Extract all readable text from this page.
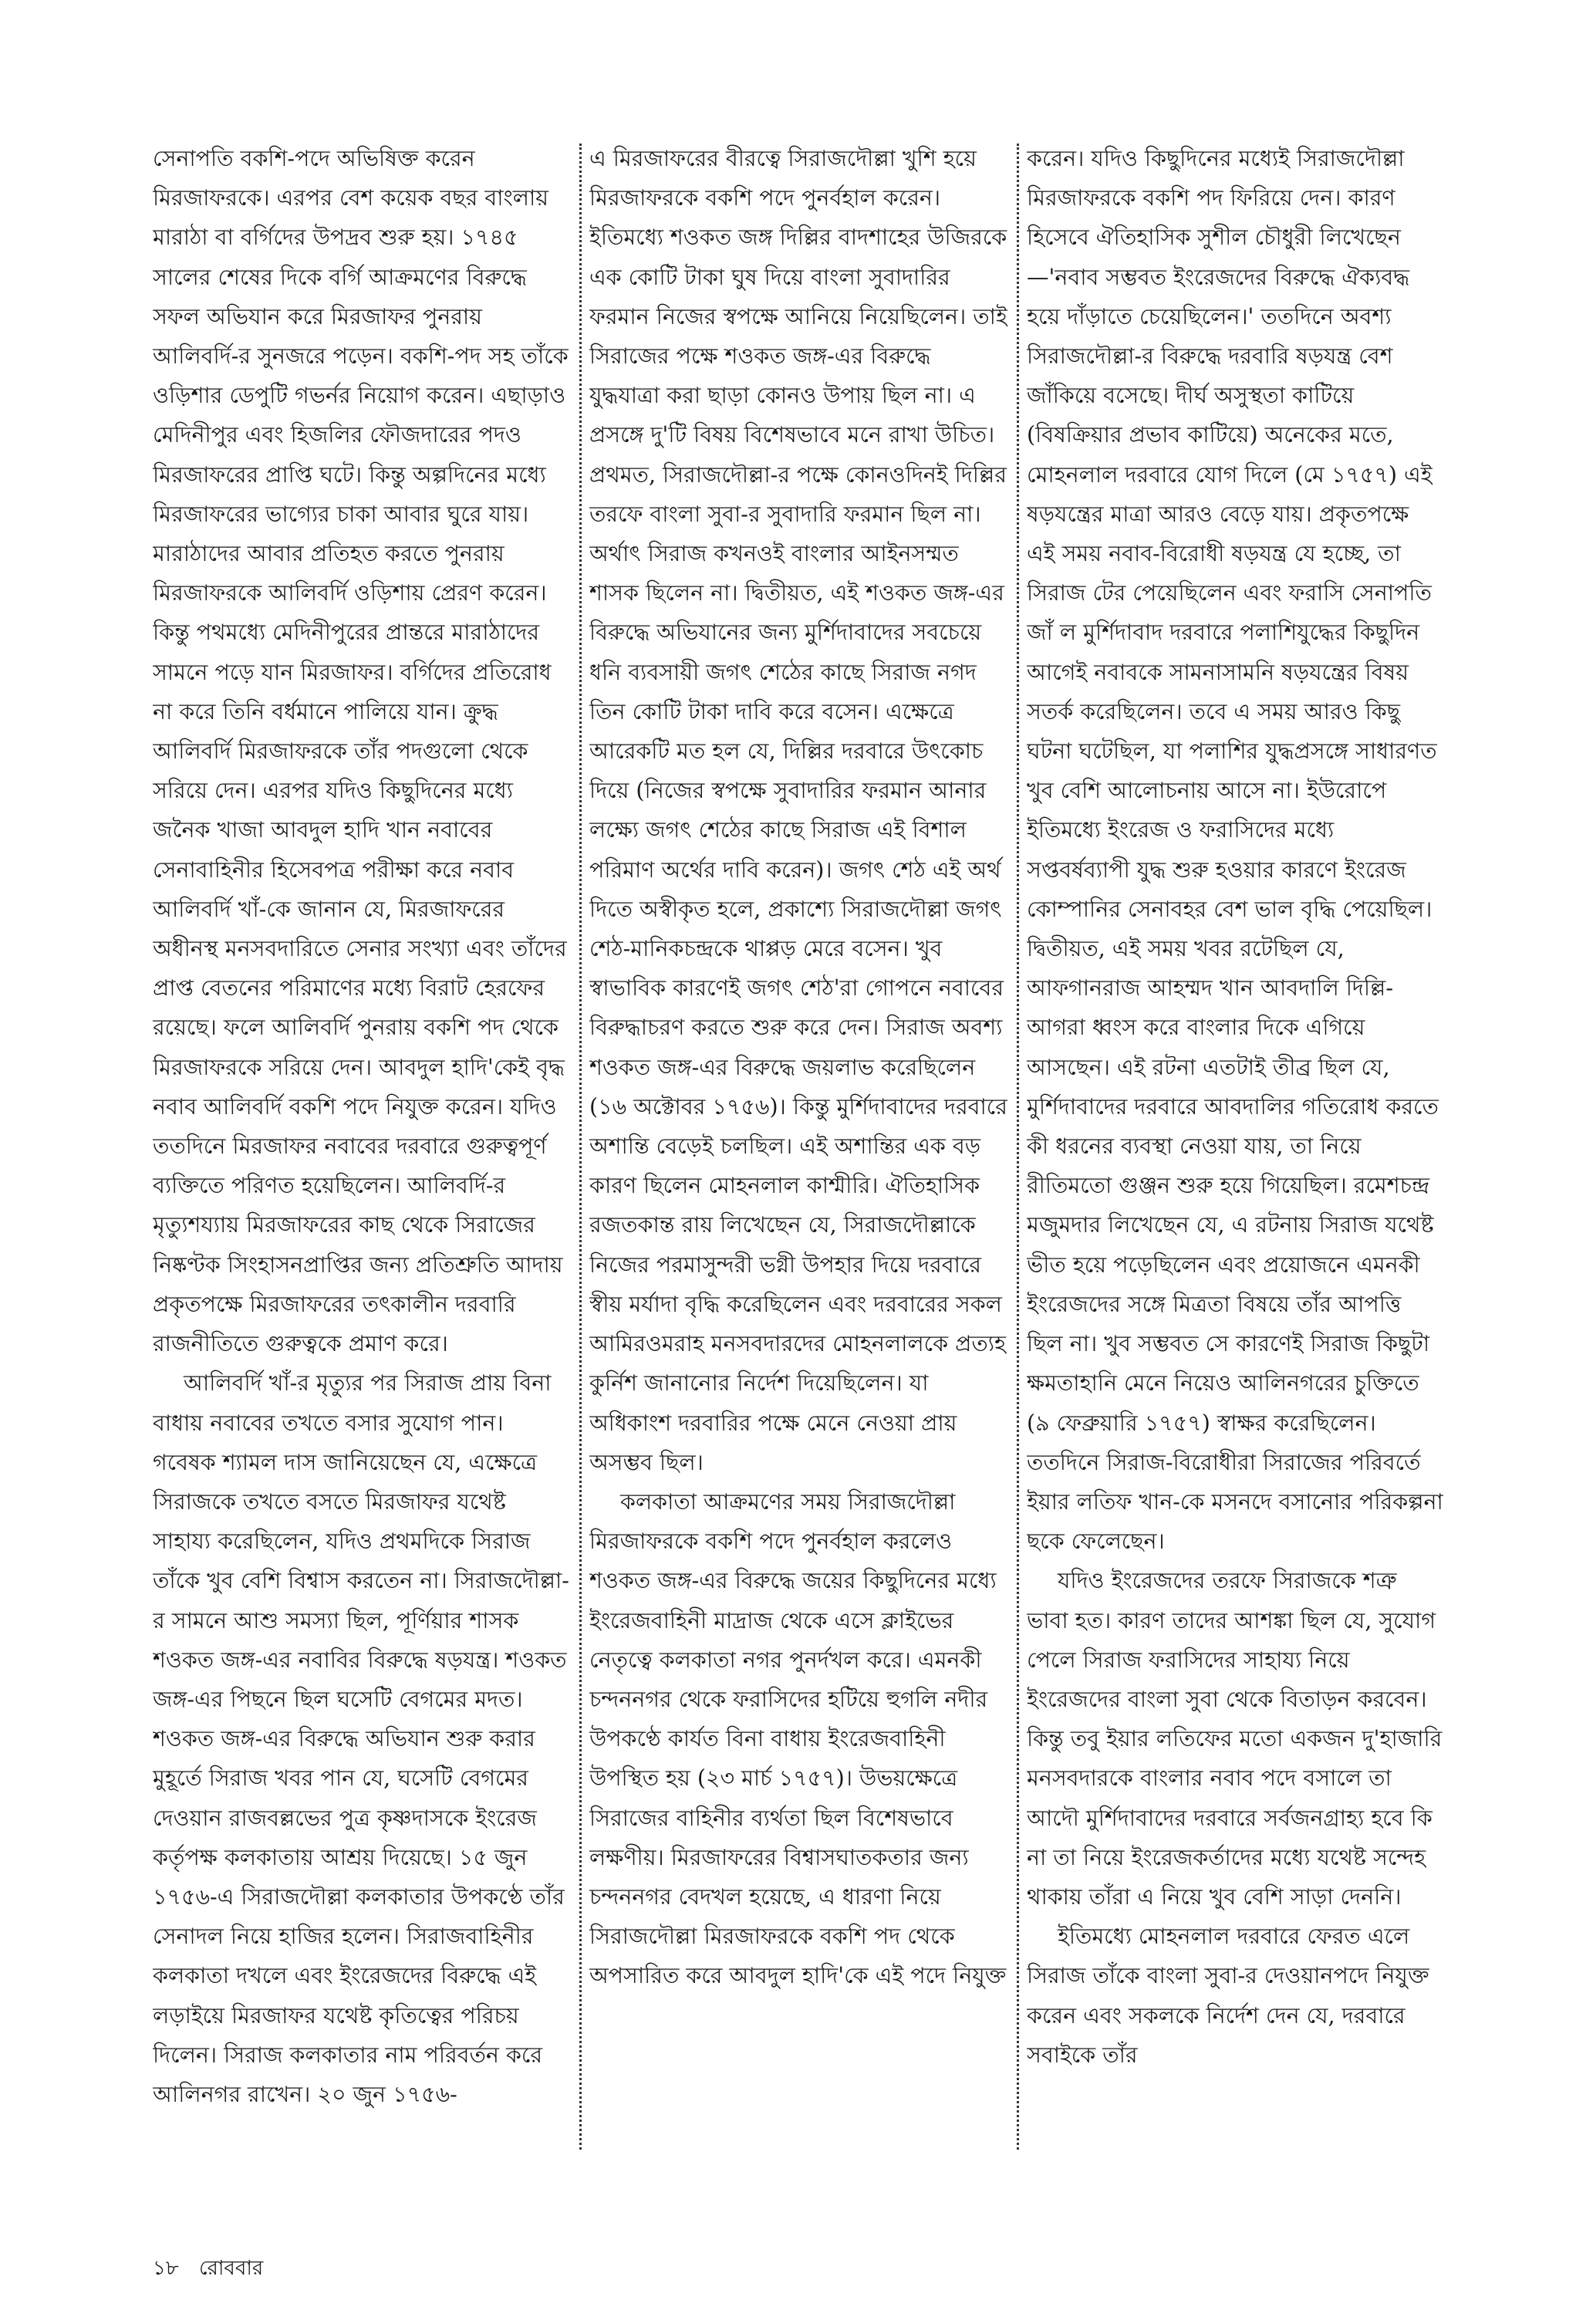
সেনাপতি বকশি-পদে অভিষিক্ত করেন মিরজাফরকে। এরপর বেশ কয়েক বছর বাংলায় মারাঠা বা বর্গিদের উপদ্রব শুরু হয়। ১৭৪৫ সালের শেষের দিকে বর্গি আক্রমণের বিরুদ্ধে সফল অভিযান করে মিরজাফর পুনরায় আলিবর্দি-র সুনজরে পড়েন। বকশি-পদ সহ তাঁকে ওড়িশার ডেপুটি গভর্নর নিয়োগ করেন। এছাড়াও মেদিনীপুর এবং হিজলির ফৌজদারের পদও মিরজাফরের প্রাপ্তি ঘটে। কিন্তু অল্পদিনের মধ্যে মিরজাফরের ভাগ্যের চাকা আবার ঘুরে যায়। মারাঠাদের আবার প্রতিহত করতে পুনরায় মিরজাফরকে আলিবর্দি ওড়িশায় প্রেরণ করেন। কিন্তু পথমধ্যে মেদিনীপুরের প্রান্তরে মারাঠাদের সামনে পড়ে যান মিরজাফর। বর্গিদের প্রতিরোধ না করে তিনি বর্ধমানে পালিয়ে যান। ক্রুদ্ধ আলিবর্দি মিরজাফরকে তাঁর পদগুলো থেকে সরিয়ে দেন। এরপর যদিও কিছুদিনের মধ্যে জনৈক খাজা আবদুল হাদি খান নবাবের সেনাবাহিনীর হিসেবপত্র পরীক্ষা করে নবাব আলিবর্দি খাঁ-কে জানান যে, মিরজাফরের অধীনস্থ মনসবদারিতে সেনার সংখ্যা এবং তাঁদের প্রাপ্ত বেতনের পরিমাণের মধ্যে বিরাট হেরফের রয়েছে। ফলে আলিবর্দি পুনরায় বকশি পদ থেকে মিরজাফরকে সরিয়ে দেন। আবদুল হাদি'কেই বৃদ্ধ নবাব আলিবর্দি বকশি পদে নিযুক্ত করেন। যদিও ততদিনে মিরজাফর নবাবের দরবারে গুরুত্বপূর্ণ ব্যক্তিতে পরিণত হয়েছিলেন। আলিবর্দি-র মৃত্যুশয্যায় মিরজাফরের কাছ থেকে সিরাজের নিষ্কণ্টক সিংহাসনপ্রাপ্তির জন্য প্রতিশ্রুতি আদায় প্রকৃতপক্ষে মিরজাফরের তৎকালীন দরবারি রাজনীতিতে গুরুত্বকে প্রমাণ করে।

আলিবর্দি খাঁ-র মৃত্যুর পর সিরাজ প্রায় বিনা বাধায় নবাবের তখতে বসার সুযোগ পান। গবেষক শ্যামল দাস জানিয়েছেন যে, এক্ষেত্রে সিরাজকে তখতে বসতে মিরজাফর যথেষ্ট সাহায্য করেছিলেন, যদিও প্রথমদিকে সিরাজ তাঁকে খুব বেশি বিশ্বাস করতেন না। সিরাজদৌল্লা-র সামনে আশু সমস্যা ছিল, পূর্ণিয়ার শাসক শওকত জঙ্গ-এর নবাবির বিরুদ্ধে ষড়যন্ত্র। শওকত জঙ্গ-এর পিছনে ছিল ঘসেটি বেগমের মদত। শওকত জঙ্গ-এর বিরুদ্ধে অভিযান শুরু করার মুহূর্তে সিরাজ খবর পান যে, ঘসেটি বেগমের দেওয়ান রাজবল্লভের পুত্র কৃষ্ণদাসকে ইংরেজ কর্তৃপক্ষ কলকাতায় আশ্রয় দিয়েছে। ১৫ জুন ১৭৫৬-এ সিরাজদৌল্লা কলকাতার উপকণ্ঠে তাঁর সেনাদল নিয়ে হাজির হলেন। সিরাজবাহিনীর কলকাতা দখলে এবং ইংরেজদের বিরুদ্ধে এই লড়াইয়ে মিরজাফর যথেষ্ট কৃতিত্বের পরিচয় দিলেন। সিরাজ কলকাতার নাম পরিবর্তন করে আলিনগর রাখেন। ২০ জুন ১৭৫৬-

এ মিরজাফরের বীরত্বে সিরাজদৌল্লা খুশি হয়ে মিরজাফরকে বকশি পদে পুনর্বহাল করেন। ইতিমধ্যে শওকত জঙ্গ দিল্লির বাদশাহের উজিরকে এক কোটি টাকা ঘুষ দিয়ে বাংলা সুবাদারির ফরমান নিজের স্বপক্ষে আনিয়ে নিয়েছিলেন। তাই সিরাজের পক্ষে শওকত জঙ্গ-এর বিরুদ্ধে যুদ্ধযাত্রা করা ছাড়া কোনও উপায় ছিল না। এ প্রসঙ্গে দু'টি বিষয় বিশেষভাবে মনে রাখা উচিত। প্রথমত, সিরাজদৌল্লা-র পক্ষে কোনওদিনই দিল্লির তরফে বাংলা সুবা-র সুবাদারি ফরমান ছিল না। অর্থাৎ সিরাজ কখনওই বাংলার আইনসম্মত শাসক ছিলেন না। দ্বিতীয়ত, এই শওকত জঙ্গ-এর বিরুদ্ধে অভিযানের জন্য মুর্শিদাবাদের সবচেয়ে ধনি ব্যবসায়ী জগৎ শেঠের কাছে সিরাজ নগদ তিন কোটি টাকা দাবি করে বসেন। এক্ষেত্রে আরেকটি মত হল যে, দিল্লির দরবারে উৎকোচ দিয়ে (নিজের স্বপক্ষে সুবাদারির ফরমান আনার লক্ষ্যে জগৎ শেঠের কাছে সিরাজ এই বিশাল পরিমাণ অর্থের দাবি করেন)। জগৎ শেঠ এই অর্থ দিতে অস্বীকৃত হলে, প্রকাশ্যে সিরাজদৌল্লা জগৎ শেঠ-মানিকচন্দ্রকে থাপ্পড় মেরে বসেন। খুব স্বাভাবিক কারণেই জগৎ শেঠ'রা গোপনে নবাবের বিরুদ্ধাচরণ করতে শুরু করে দেন। সিরাজ অবশ্য শওকত জঙ্গ-এর বিরুদ্ধে জয়লাভ করেছিলেন (১৬ অক্টোবর ১৭৫৬)। কিন্তু মুর্শিদাবাদের দরবারে অশান্তি বেড়েই চলছিল। এই অশান্তির এক বড় কারণ ছিলেন মোহনলাল কাশ্মীরি। ঐতিহাসিক রজতকান্ত রায় লিখেছেন যে, সিরাজদৌল্লাকে নিজের পরমাসুন্দরী ভগ্নী উপহার দিয়ে দরবারে স্বীয় মর্যাদা বৃদ্ধি করেছিলেন এবং দরবারের সকল আমিরওমরাহ মনসবদারদের মোহনলালকে প্রত্যহ কুর্নিশ জানানোর নির্দেশ দিয়েছিলেন। যা অধিকাংশ দরবারির পক্ষে মেনে নেওয়া প্রায় অসম্ভব ছিল।

কলকাতা আক্রমণের সময় সিরাজদৌল্লা মিরজাফরকে বকশি পদে পুনর্বহাল করলেও শওকত জঙ্গ-এর বিরুদ্ধে জয়ের কিছুদিনের মধ্যে ইংরেজবাহিনী মাদ্রাজ থেকে এসে ক্লাইভের নেতৃত্বে কলকাতা নগর পুনর্দখল করে। এমনকী চন্দননগর থেকে ফরাসিদের হটিয়ে হুগলি নদীর উপকণ্ঠে কার্যত বিনা বাধায় ইংরেজবাহিনী উপস্থিত হয় (২৩ মার্চ ১৭৫৭)। উভয়ক্ষেত্রে সিরাজের বাহিনীর ব্যর্থতা ছিল বিশেষভাবে লক্ষণীয়। মিরজাফরের বিশ্বাসঘাতকতার জন্য চন্দননগর বেদখল হয়েছে, এ ধারণা নিয়ে সিরাজদৌল্লা মিরজাফরকে বকশি পদ থেকে অপসারিত করে আবদুল হাদি'কে এই পদে নিযুক্ত

করেন। যদিও কিছুদিনের মধ্যেই সিরাজদৌল্লা মিরজাফরকে বকশি পদ ফিরিয়ে দেন। কারণ হিসেবে ঐতিহাসিক সুশীল চৌধুরী লিখেছেন—'নবাব সম্ভবত ইংরেজদের বিরুদ্ধে ঐক্যবদ্ধ হয়ে দাঁড়াতে চেয়েছিলেন।' ততদিনে অবশ্য সিরাজদৌল্লা-র বিরুদ্ধে দরবারি ষড়যন্ত্র বেশ জাঁকিয়ে বসেছে। দীর্ঘ অসুস্থতা কাটিয়ে (বিষক্রিয়ার প্রভাব কাটিয়ে) অনেকের মতে, মোহনলাল দরবারে যোগ দিলে (মে ১৭৫৭) এই ষড়যন্ত্রের মাত্রা আরও বেড়ে যায়। প্রকৃতপক্ষে এই সময় নবাব-বিরোধী ষড়যন্ত্র যে হচ্ছে, তা সিরাজ টের পেয়েছিলেন এবং ফরাসি সেনাপতি জাঁ ল মুর্শিদাবাদ দরবারে পলাশিযুদ্ধের কিছুদিন আগেই নবাবকে সামনাসামনি ষড়যন্ত্রের বিষয় সতর্ক করেছিলেন। তবে এ সময় আরও কিছু ঘটনা ঘটেছিল, যা পলাশির যুদ্ধপ্রসঙ্গে সাধারণত খুব বেশি আলোচনায় আসে না। ইউরোপে ইতিমধ্যে ইংরেজ ও ফরাসিদের মধ্যে সপ্তবর্ষব্যাপী যুদ্ধ শুরু হওয়ার কারণে ইংরেজ কোম্পানির সেনাবহর বেশ ভাল বৃদ্ধি পেয়েছিল। দ্বিতীয়ত, এই সময় খবর রটেছিল যে, আফগানরাজ আহম্মদ খান আবদালি দিল্লি-আগরা ধ্বংস করে বাংলার দিকে এগিয়ে আসছেন। এই রটনা এতটাই তীব্র ছিল যে, মুর্শিদাবাদের দরবারে আবদালির গতিরোধ করতে কী ধরনের ব্যবস্থা নেওয়া যায়, তা নিয়ে রীতিমতো গুঞ্জন শুরু হয়ে গিয়েছিল। রমেশচন্দ্র মজুমদার লিখেছেন যে, এ রটনায় সিরাজ যথেষ্ট ভীত হয়ে পড়েছিলেন এবং প্রয়োজনে এমনকী ইংরেজদের সঙ্গে মিত্রতা বিষয়ে তাঁর আপত্তি ছিল না। খুব সম্ভবত সে কারণেই সিরাজ কিছুটা ক্ষমতাহানি মেনে নিয়েও আলিনগরের চুক্তিতে (৯ ফেব্রুয়ারি ১৭৫৭) স্বাক্ষর করেছিলেন। ততদিনে সিরাজ-বিরোধীরা সিরাজের পরিবর্তে ইয়ার লতিফ খান-কে মসনদে বসানোর পরিকল্পনা ছকে ফেলেছেন।

যদিও ইংরেজদের তরফে সিরাজকে শত্রু ভাবা হত। কারণ তাদের আশঙ্কা ছিল যে, সুযোগ পেলে সিরাজ ফরাসিদের সাহায্য নিয়ে ইংরেজদের বাংলা সুবা থেকে বিতাড়ন করবেন। কিন্তু তবু ইয়ার লতিফের মতো একজন দু'হাজারি মনসবদারকে বাংলার নবাব পদে বসালে তা আদৌ মুর্শিদাবাদের দরবারে সর্বজনগ্রাহ্য হবে কি না তা নিয়ে ইংরেজকর্তাদের মধ্যে যথেষ্ট সন্দেহ থাকায় তাঁরা এ নিয়ে খুব বেশি সাড়া দেননি।

ইতিমধ্যে মোহনলাল দরবারে ফেরত এলে সিরাজ তাঁকে বাংলা সুবা-র দেওয়ানপদে নিযুক্ত করেন এবং সকলকে নির্দেশ দেন যে, দরবারে সবাইকে তাঁর

১৮ রোববার
